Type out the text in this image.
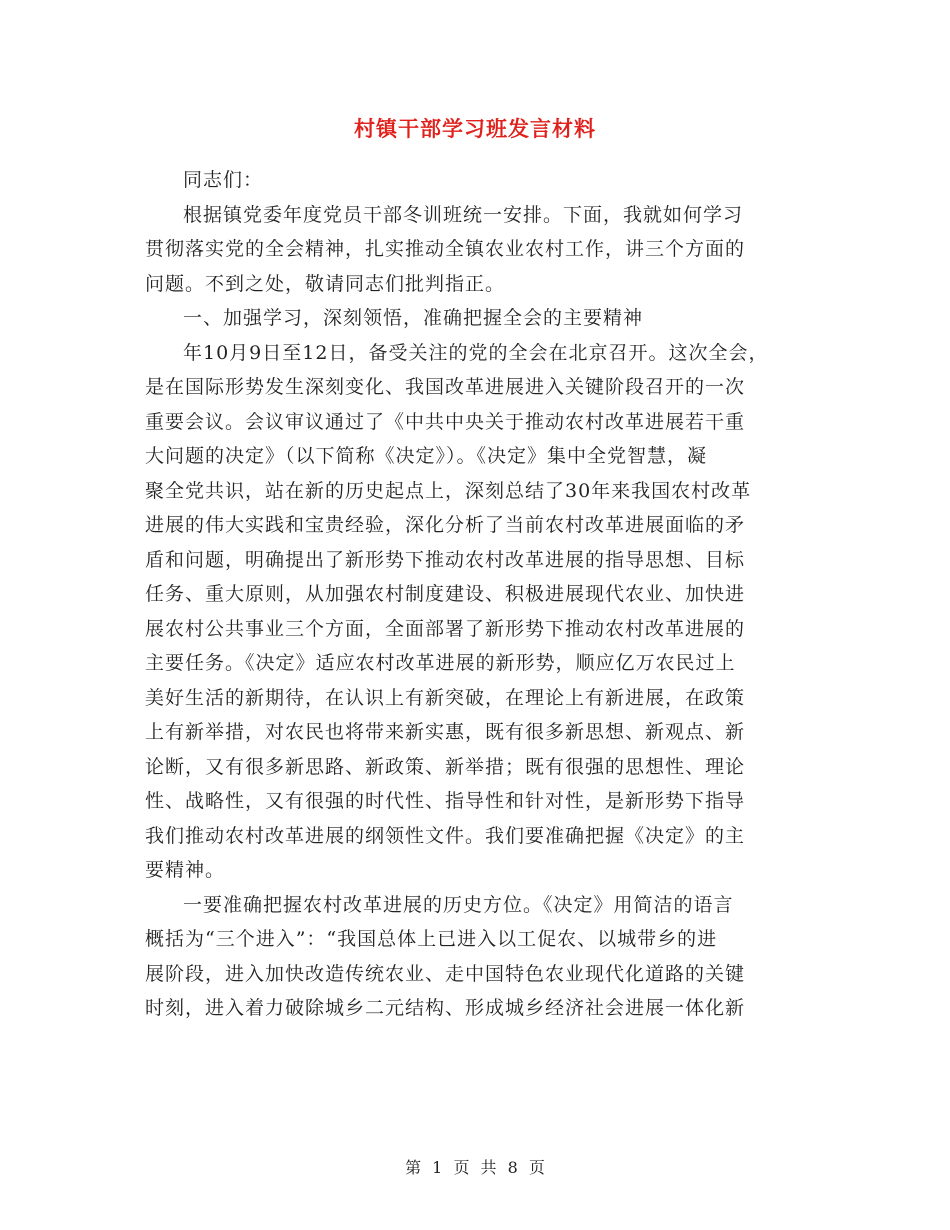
村镇干部学习班发言材料
同志们：
根据镇党委年度党员干部冬训班统一安排。下面，我就如何学习
贯彻落实党的全会精神，扎实推动全镇农业农村工作，讲三个方面的
问题。不到之处，敬请同志们批判指正。
一、加强学习，深刻领悟，准确把握全会的主要精神
年10月9日至12日，备受关注的党的全会在北京召开。这次全会，
是在国际形势发生深刻变化、我国改革进展进入关键阶段召开的一次
重要会议。会议审议通过了《中共中央关于推动农村改革进展若干重
大问题的决定》（以下简称《决定》）。《决定》集中全党智慧，凝
聚全党共识，站在新的历史起点上，深刻总结了30年来我国农村改革
进展的伟大实践和宝贵经验，深化分析了当前农村改革进展面临的矛
盾和问题，明确提出了新形势下推动农村改革进展的指导思想、目标
任务、重大原则，从加强农村制度建设、积极进展现代农业、加快进
展农村公共事业三个方面，全面部署了新形势下推动农村改革进展的
主要任务。《决定》适应农村改革进展的新形势，顺应亿万农民过上
美好生活的新期待，在认识上有新突破，在理论上有新进展，在政策
上有新举措，对农民也将带来新实惠，既有很多新思想、新观点、新
论断，又有很多新思路、新政策、新举措；既有很强的思想性、理论
性、战略性，又有很强的时代性、指导性和针对性，是新形势下指导
我们推动农村改革进展的纲领性文件。我们要准确把握《决定》的主
要精神。
一要准确把握农村改革进展的历史方位。《决定》用简洁的语言
概括为“三个进入”：“我国总体上已进入以工促农、以城带乡的进
展阶段，进入加快改造传统农业、走中国特色农业现代化道路的关键
时刻，进入着力破除城乡二元结构、形成城乡经济社会进展一体化新
第 1 页 共 8 页
